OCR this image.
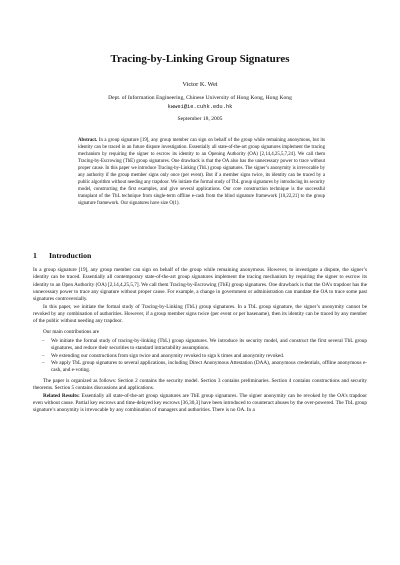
Tracing-by-Linking Group Signatures
Victor K. Wei
Dept. of Information Engineering, Chinese University of Hong Kong, Hong Kong
kwwei@ie.cuhk.edu.hk
September 18, 2005
Abstract. In a group signature [19], any group member can sign on behalf of the group while remaining anonymous, but its identity can be traced in an future dispute investigation. Essentially all state-of-the-art group signatures implement the tracing mechanism by requiring the signer to escrow its identity to an Opening Authority (OA) [2,14,4,25,5,7,24]. We call them Tracing-by-Escrowing (TbE) group signatures. One drawback is that the OA also has the unnecessary power to trace without proper cause. In this paper we introduce Tracing-by-Linking (TbL) group signatures. The signer’s anonymity is irrevocable by any authority if the group member signs only once (per event). But if a member signs twice, its identity can be traced by a public algorithm without needing any trapdoor. We initiate the formal study of TbL group signatures by introducing its security model, constructing the first examples, and give several applications. Our core construction technique is the successful transplant of the TbL technique from single-term offline e-cash from the blind signature framework [10,22,21] to the group signature framework. Our signatures have size O(1).
1 Introduction

In a group signature [19], any group member can sign on behalf of the group while remaining anonymous. However, to investigate a dispute, the signer’s identity can be traced. Essentially all contemporary state-of-the-art group signatures implement the tracing mechanism by requiring the signer to escrow its identity to an Open Authority (OA) [2,14,4,25,5,7]. We call them Tracing-by-Escrowing (TbE) group signatures. One drawback is that the OA’s trapdoor has the unnecessary power to trace any signature without proper cause. For example, a change in government or administration can mandate the OA to trace some past signatures controversially.

In this paper, we initiate the formal study of Tracing-by-Linking (TbL) group signatures. In a TbL group signature, the signer’s anonymity cannot be revoked by any combination of authorities. However, if a group member signs twice (per event or per basename), then its identity can be traced by any member of the public without needing any trapdoor.

Our main contributions are

– We initiate the formal study of tracing-by-linking (TbL) group signatures. We introduce its security model, and construct the first several TbL group signatures, and reduce their securities to standard intractability assumptions.
– We extending our constructions from sign twice and anonymity revoked to sign k times and anonymity revoked.
– We apply TbL group signatures to several applications, including Direct Anonymous Attestation (DAA), anonymous credentials, offline anonymous e-cash, and e-voting.

The paper is organized as follows: Section 2 contains the security model. Section 3 contains preliminaries. Section 4 contains constructions and security theorems. Section 5 contains discussions and applications.

Related Results: Essentially all state-of-the-art group signatures are TbE group signatures. The signer anonymity can be revoked by the OA’s trapdoor even without cause. Partial key escrows and time-delayed key escrows [36,30,3] have been introduced to counteract abuses by the over-powered. The TbL group signature’s anonymity is irrevocable by any combination of managers and authorities. There is no OA. In a
